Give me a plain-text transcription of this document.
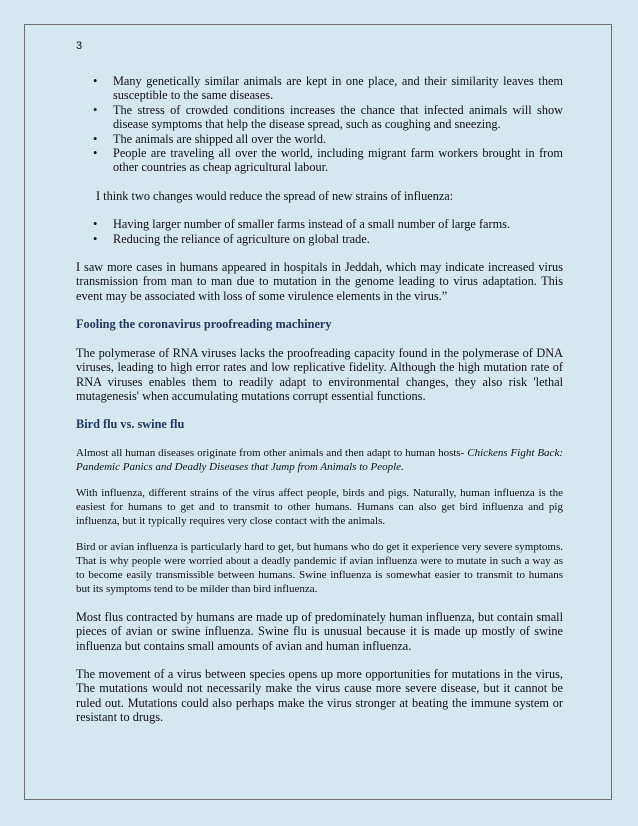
3
• Many genetically similar animals are kept in one place, and their similarity leaves them susceptible to the same diseases.
• The stress of crowded conditions increases the chance that infected animals will show disease symptoms that help the disease spread, such as coughing and sneezing.
• The animals are shipped all over the world.
• People are traveling all over the world, including migrant farm workers brought in from other countries as cheap agricultural labour.

I think two changes would reduce the spread of new strains of influenza:

• Having larger number of smaller farms instead of a small number of large farms.
• Reducing the reliance of agriculture on global trade.

I saw more cases in humans appeared in hospitals in Jeddah, which may indicate increased virus transmission from man to man due to mutation in the genome leading to virus adaptation. This event may be associated with loss of some virulence elements in the virus.”

Fooling the coronavirus proofreading machinery

The polymerase of RNA viruses lacks the proofreading capacity found in the polymerase of DNA viruses, leading to high error rates and low replicative fidelity. Although the high mutation rate of RNA viruses enables them to readily adapt to environmental changes, they also risk 'lethal mutagenesis' when accumulating mutations corrupt essential functions.

Bird flu vs. swine flu

Almost all human diseases originate from other animals and then adapt to human hosts- Chickens Fight Back: Pandemic Panics and Deadly Diseases that Jump from Animals to People.

With influenza, different strains of the virus affect people, birds and pigs. Naturally, human influenza is the easiest for humans to get and to transmit to other humans. Humans can also get bird influenza and pig influenza, but it typically requires very close contact with the animals.

Bird or avian influenza is particularly hard to get, but humans who do get it experience very severe symptoms. That is why people were worried about a deadly pandemic if avian influenza were to mutate in such a way as to become easily transmissible between humans. Swine influenza is somewhat easier to transmit to humans but its symptoms tend to be milder than bird influenza.

Most flus contracted by humans are made up of predominately human influenza, but contain small pieces of avian or swine influenza. Swine flu is unusual because it is made up mostly of swine influenza but contains small amounts of avian and human influenza.

The movement of a virus between species opens up more opportunities for mutations in the virus, The mutations would not necessarily make the virus cause more severe disease, but it cannot be ruled out. Mutations could also perhaps make the virus stronger at beating the immune system or resistant to drugs.
